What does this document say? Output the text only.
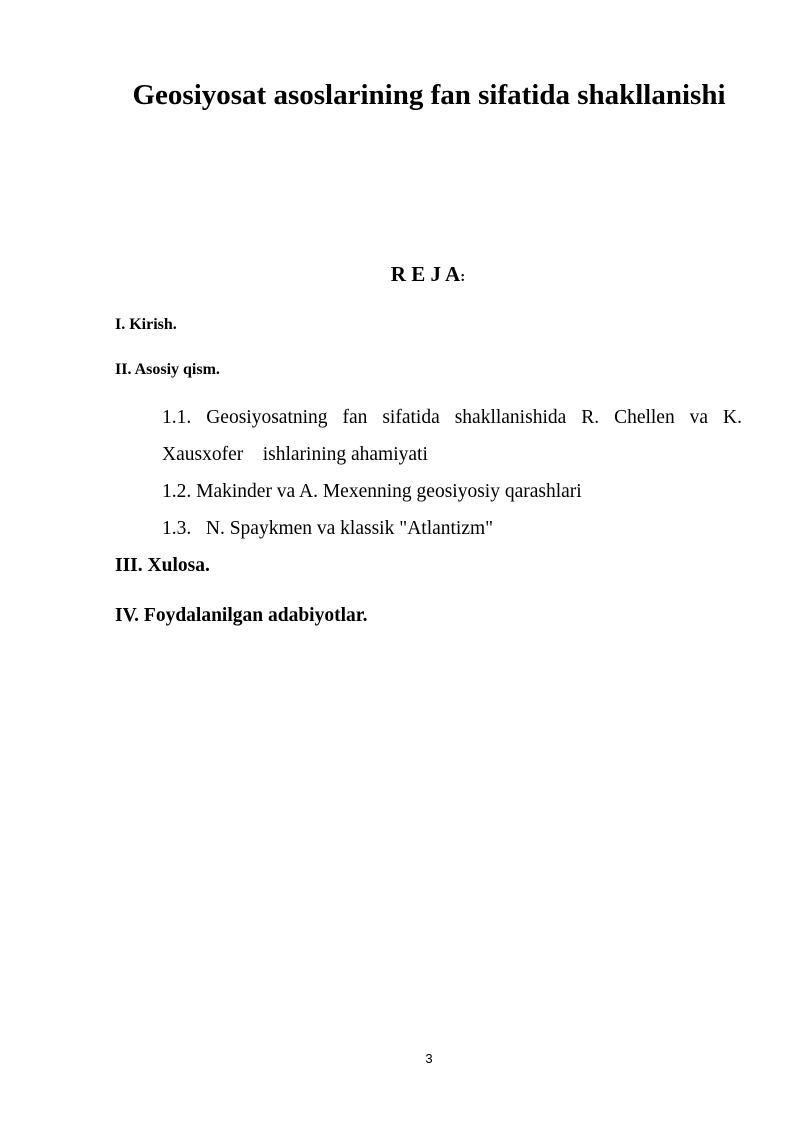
Geosiyosat asoslarining fan sifatida shakllanishi
R E J A:
I. Kirish.
II. Asosiy qism.
1.1. Geosiyosatning fan sifatida shakllanishida R. Chellen va K.
Xausxofer    ishlarining ahamiyati
1.2. Makinder va A. Mexenning geosiyosiy qarashlari
1.3.   N. Spaykmen va klassik "Atlantizm"
III. Xulosa.
IV. Foydalanilgan adabiyotlar.
3
